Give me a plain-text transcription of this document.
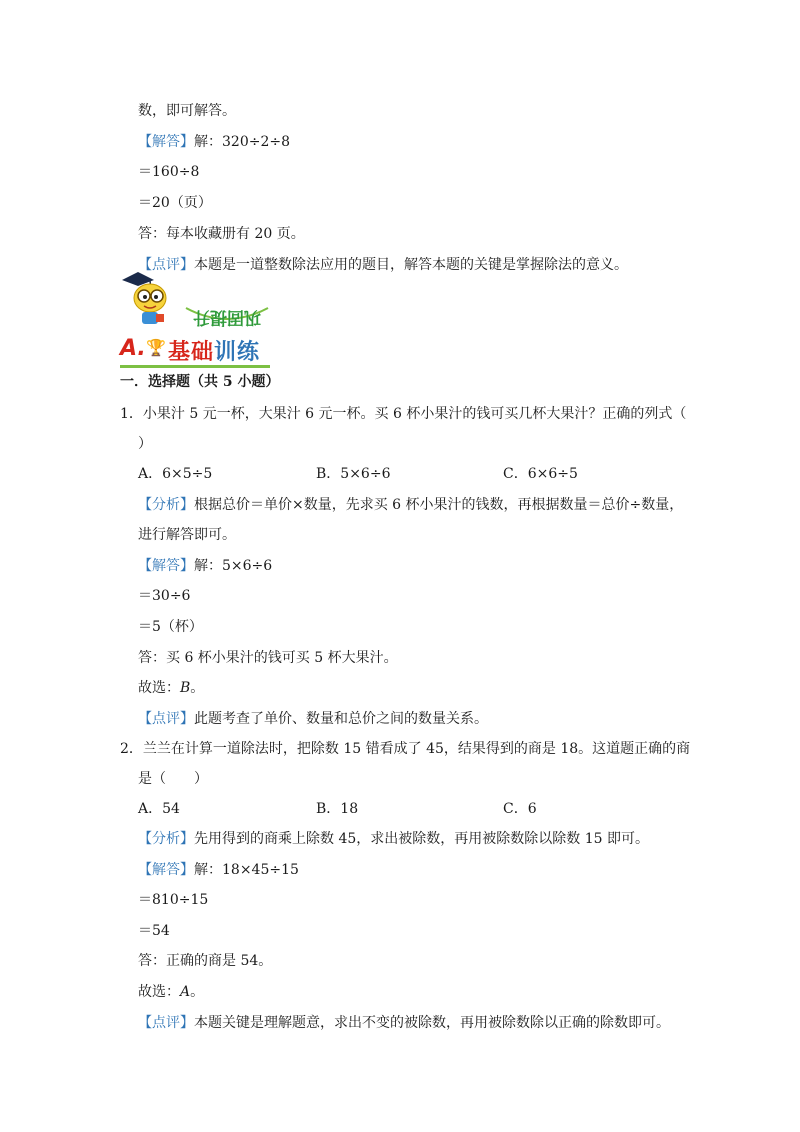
数，即可解答。
【解答】解：320÷2÷8
＝160÷8
＝20（页）
答：每本收藏册有 20 页。
【点评】本题是一道整数除法应用的题目，解答本题的关键是掌握除法的意义。
巩固提升
A. 🏆 基础训练
一．选择题（共 5 小题）
1．小果汁 5 元一杯，大果汁 6 元一杯。买 6 杯小果汁的钱可买几杯大果汁？正确的列式（
）
A．6×5÷5	B．5×6÷6	C．6×6÷5
【分析】根据总价＝单价×数量，先求买 6 杯小果汁的钱数，再根据数量＝总价÷数量，
进行解答即可。
【解答】解：5×6÷6
＝30÷6
＝5（杯）
答：买 6 杯小果汁的钱可买 5 杯大果汁。
故选：B。
【点评】此题考查了单价、数量和总价之间的数量关系。
2．兰兰在计算一道除法时，把除数 15 错看成了 45，结果得到的商是 18。这道题正确的商
是（　　）
A．54	B．18	C．6
【分析】先用得到的商乘上除数 45，求出被除数，再用被除数除以除数 15 即可。
【解答】解：18×45÷15
＝810÷15
＝54
答：正确的商是 54。
故选：A。
【点评】本题关键是理解题意，求出不变的被除数，再用被除数除以正确的除数即可。
